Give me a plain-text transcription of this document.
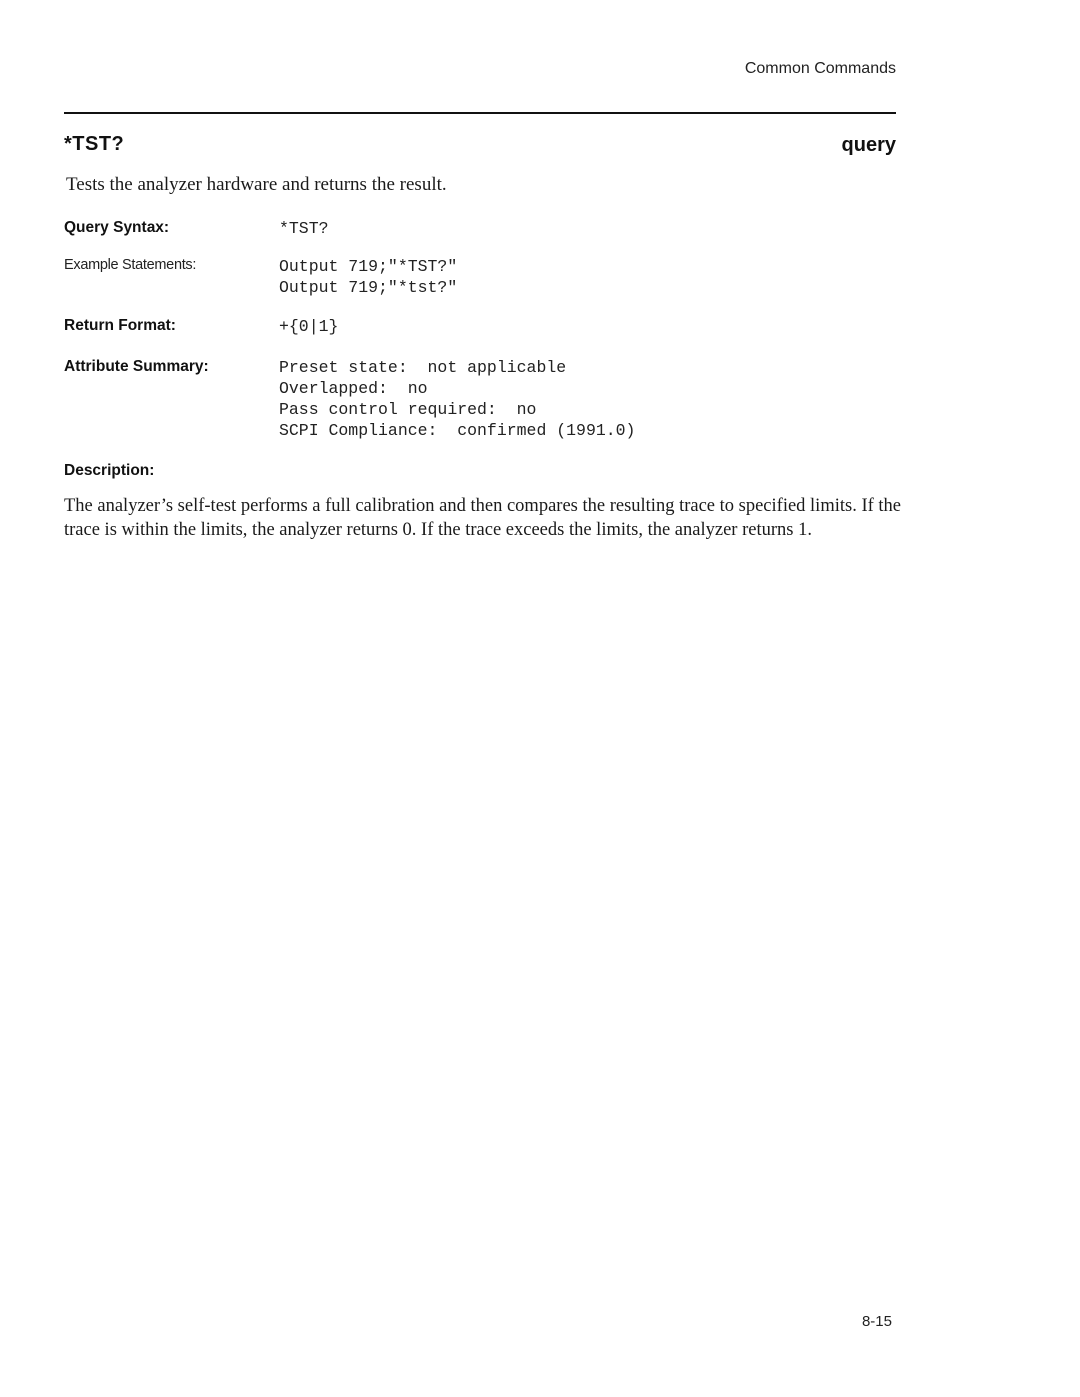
Common Commands
*TST?	query
Tests the analyzer hardware and returns the result.
Query Syntax:	*TST?
Example Statements:	Output 719;"*TST?"
Output 719;"*tst?"
Return Format:	+{0|1}
Attribute Summary:	Preset state:  not applicable
Overlapped:  no
Pass control required:  no
SCPI Compliance:  confirmed (1991.0)
Description:
The analyzer’s self-test performs a full calibration and then compares the resulting trace to specified limits. If the trace is within the limits, the analyzer returns 0. If the trace exceeds the limits, the analyzer returns 1.
8-15
